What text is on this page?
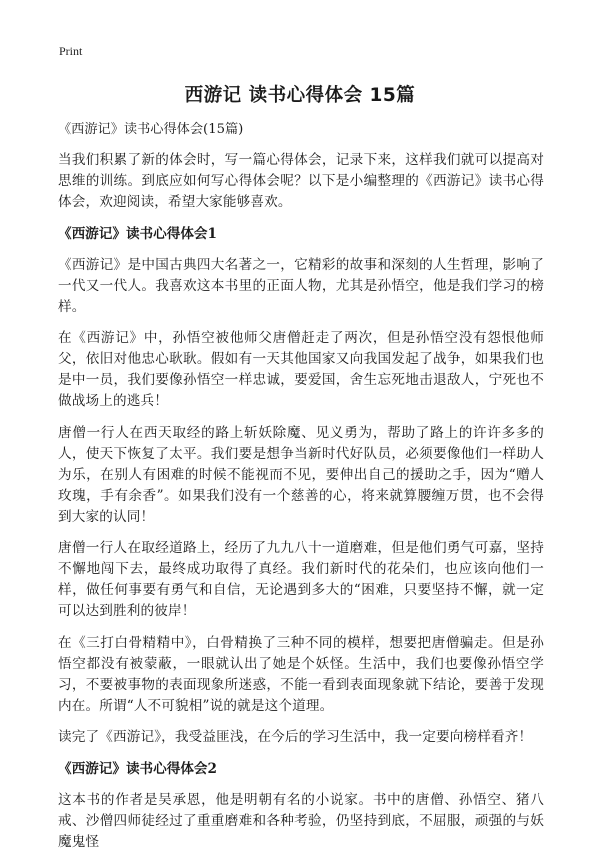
Print
西游记 读书心得体会 15篇
《西游记》读书心得体会(15篇)

当我们积累了新的体会时，写一篇心得体会，记录下来，这样我们就可以提高对思维的训练。到底应如何写心得体会呢？以下是小编整理的《西游记》读书心得体会，欢迎阅读，希望大家能够喜欢。

《西游记》读书心得体会1

《西游记》是中国古典四大名著之一，它精彩的故事和深刻的人生哲理，影响了一代又一代人。我喜欢这本书里的正面人物，尤其是孙悟空，他是我们学习的榜样。

在《西游记》中，孙悟空被他师父唐僧赶走了两次，但是孙悟空没有怨恨他师父，依旧对他忠心耿耿。假如有一天其他国家又向我国发起了战争，如果我们也是中一员，我们要像孙悟空一样忠诚，要爱国，舍生忘死地击退敌人，宁死也不做战场上的逃兵！

唐僧一行人在西天取经的路上斩妖除魔、见义勇为，帮助了路上的许许多多的人，使天下恢复了太平。我们要是想争当新时代好队员，必须要像他们一样助人为乐，在别人有困难的时候不能视而不见，要伸出自己的援助之手，因为“赠人玫瑰，手有余香”。如果我们没有一个慈善的心，将来就算腰缠万贯，也不会得到大家的认同！

唐僧一行人在取经道路上，经历了九九八十一道磨难，但是他们勇气可嘉，坚持不懈地闯下去，最终成功取得了真经。我们新时代的花朵们，也应该向他们一样，做任何事要有勇气和自信，无论遇到多大的“困难，只要坚持不懈，就一定可以达到胜利的彼岸！

在《三打白骨精精中》，白骨精换了三种不同的模样，想要把唐僧骗走。但是孙悟空都没有被蒙蔽，一眼就认出了她是个妖怪。生活中，我们也要像孙悟空学习，不要被事物的表面现象所迷惑，不能一看到表面现象就下结论，要善于发现内在。所谓“人不可貌相”说的就是这个道理。

读完了《西游记》，我受益匪浅，在今后的学习生活中，我一定要向榜样看齐！

《西游记》读书心得体会2

这本书的作者是吴承恩，他是明朝有名的小说家。书中的唐僧、孙悟空、猪八戒、沙僧四师徒经过了重重磨难和各种考验，仍坚持到底，不屈服，顽强的与妖魔鬼怪
